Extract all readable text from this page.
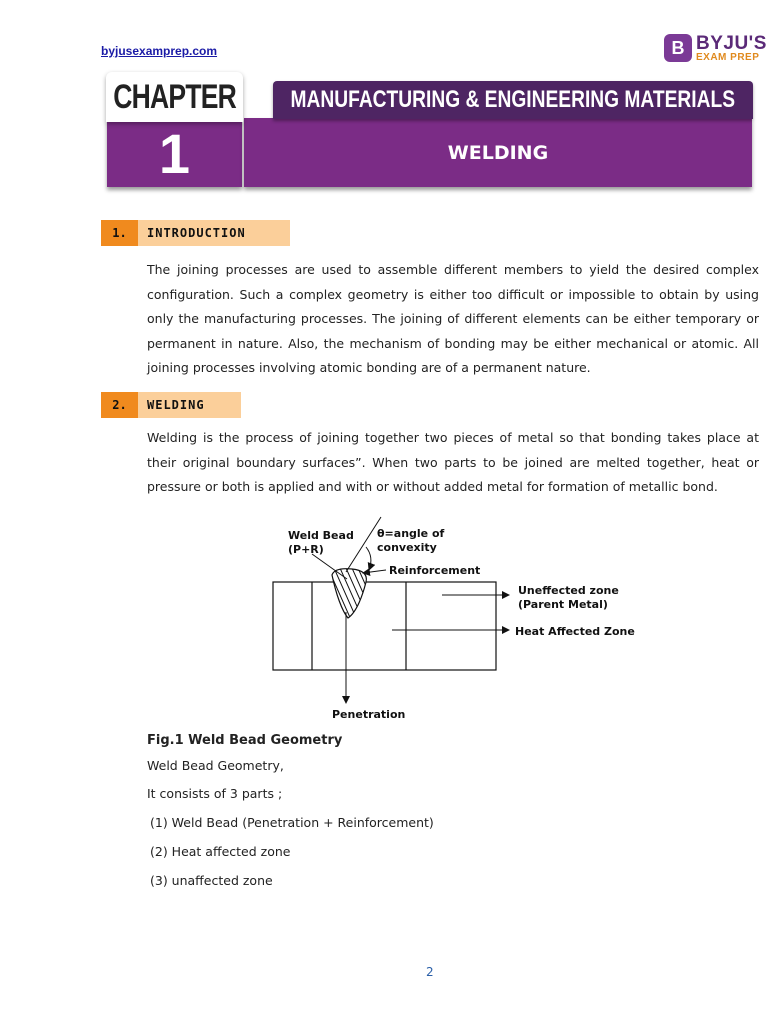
byjusexamprep.com	B BYJU'S
EXAM PREP
CHAPTER
1	WELDING
MANUFACTURING & ENGINEERING MATERIALS
1.	INTRODUCTION

The joining processes are used to assemble different members to yield the desired complex configuration. Such a complex geometry is either too difficult or impossible to obtain by using only the manufacturing processes. The joining of different elements can be either temporary or permanent in nature. Also, the mechanism of bonding may be either mechanical or atomic. All joining processes involving atomic bonding are of a permanent nature.

2.	WELDING

Welding is the process of joining together two pieces of metal so that bonding takes place at their original boundary surfaces”. When two parts to be joined are melted together, heat or pressure or both is applied and with or without added metal for formation of metallic bond.

Weld Bead
(P+R)
θ=angle of
convexity
Reinforcement
Uneffected zone
(Parent Metal)
Heat Affected Zone
Penetration
Fig.1 Weld Bead Geometry
Weld Bead Geometry,
It consists of 3 parts ;
(1) Weld Bead (Penetration + Reinforcement)
(2) Heat affected zone
(3) unaffected zone
2
